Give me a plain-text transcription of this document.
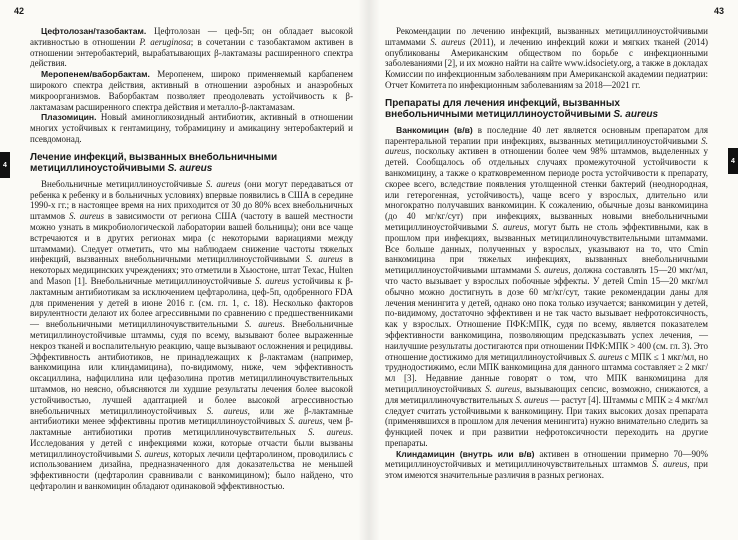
42

Цефтолозан/тазобактам. Цефтолозан — цеф-5п; он обладает высокой активностью в отношении P. aeruginosa; в сочетании с тазобактамом активен в отношении энтеробактерий, вырабатывающих β-лактамазы расширенного спектра действия.

Меропенем/ваборбактам. Меропенем, широко применяемый карбапенем широкого спектра действия, активный в отношении аэробных и анаэробных микроорганизмов. Ваборбактам позволяет преодолевать устойчивость к β-лактамазам расширенного спектра действия и металло-β-лактамазам.

Плазомицин. Новый аминогликозидный антибиотик, активный в отношении многих устойчивых к гентамицину, тобрамицину и амикацину энтеробактерий и псевдомонад.

Лечение инфекций, вызванных внебольничными метициллиноустойчивыми S. aureus

Внебольничные метициллиноустойчивые S. aureus (они могут передаваться от ребенка к ребенку и в больничных условиях) впервые появились в США в середине 1990-х гг.; в настоящее время на них приходится от 30 до 80% всех внебольничных штаммов S. aureus в зависимости от региона США (частоту в вашей местности можно узнать в микробиологической лаборатории вашей больницы); они все чаще встречаются и в других регионах мира (с некоторыми вариациями между штаммами). Следует отметить, что мы наблюдаем снижение частоты тяжелых инфекций, вызванных внебольничными метициллиноустойчивыми S. aureus в некоторых медицинских учреждениях; это отметили в Хьюстоне, штат Техас, Hulten and Mason [1]. Внебольничные метициллиноустойчивые S. aureus устойчивы к β-лактамным антибиотикам за исключением цефтаролина, цеф-5п, одобренного FDA для применения у детей в июне 2016 г. (см. гл. 1, с. 18). Несколько факторов вирулентности делают их более агрессивными по сравнению с предшественниками — внебольничными метициллиночувствительными S. aureus. Внебольничные метициллиноустойчивые штаммы, судя по всему, вызывают более выраженные некроз тканей и воспалительную реакцию, чаще вызывают осложнения и рецидивы. Эффективность антибиотиков, не принадлежащих к β-лактамам (например, ванкомицина или клиндамицина), по-видимому, ниже, чем эффективность оксациллина, нафциллина или цефазолина против метициллиночувствительных штаммов, но неясно, объясняются ли худшие результаты лечения более высокой устойчивостью, лучшей адаптацией и более высокой агрессивностью внебольничных метициллиноустойчивых S. aureus, или же β-лактамные антибиотики менее эффективны против метициллиноустойчивых S. aureus, чем β-лактамные антибиотики против метициллиночувствительных S. aureus. Исследования у детей с инфекциями кожи, которые отчасти были вызваны метициллиноустойчивыми S. aureus, которых лечили цефтаролином, проводились с использованием дизайна, предназначенного для доказательства не меньшей эффективности (цефтаролин сравнивали с ванкомицином); было найдено, что цефтаролин и ванкомицин обладают одинаковой эффективностью.

43

Рекомендации по лечению инфекций, вызванных метициллиноустойчивыми штаммами S. aureus (2011), и лечению инфекций кожи и мягких тканей (2014) опубликованы Американским обществом по борьбе с инфекционными заболеваниями [2], и их можно найти на сайте www.idsociety.org, а также в докладах Комиссии по инфекционным заболеваниям при Американской академии педиатрии: Отчет Комитета по инфекционным заболеваниям за 2018—2021 гг.

Препараты для лечения инфекций, вызванных внебольничными метициллиноустойчивыми S. aureus

Ванкомицин (в/в) в последние 40 лет является основным препаратом для парентеральной терапии при инфекциях, вызванных метициллиноустойчивыми S. aureus, поскольку активен в отношении более чем 98% штаммов, выделенных у детей. Сообщалось об отдельных случаях промежуточной устойчивости к ванкомицину, а также о кратковременном периоде роста устойчивости к препарату, скорее всего, вследствие появления утолщенной стенки бактерий (неоднородная, или гетерогенная, устойчивость), чаще всего у взрослых, длительно или многократно получавших ванкомицин. К сожалению, обычные дозы ванкомицина (до 40 мг/кг/сут) при инфекциях, вызванных новыми внебольничными метициллиноустойчивыми S. aureus, могут быть не столь эффективными, как в прошлом при инфекциях, вызванных метициллиночувствительными штаммами. Все больше данных, полученных у взрослых, указывают на то, что Сmin ванкомицина при тяжелых инфекциях, вызванных внебольничными метициллиноустойчивыми штаммами S. aureus, должна составлять 15—20 мкг/мл, что часто вызывает у взрослых побочные эффекты. У детей Сmin 15—20 мкг/мл обычно можно достигнуть в дозе 60 мг/кг/сут, такие рекомендации даны для лечения менингита у детей, однако оно пока только изучается; ванкомицин у детей, по-видимому, достаточно эффективен и не так часто вызывает нефротоксичность, как у взрослых. Отношение ПФК:МПК, судя по всему, является показателем эффективности ванкомицина, позволяющим предсказывать успех лечения, — наилучшие результаты достигаются при отношении ПФК:МПК > 400 (см. гл. 3). Это отношение достижимо для метициллиноустойчивых S. aureus с МПК ≤ 1 мкг/мл, но труднодостижимо, если МПК ванкомицина для данного штамма составляет ≥ 2 мкг/мл [3]. Недавние данные говорят о том, что МПК ванкомицина для метициллиноустойчивых S. aureus, вызывающих сепсис, возможно, снижаются, а для метициллиночувствительных S. aureus — растут [4]. Штаммы с МПК ≥ 4 мкг/мл следует считать устойчивыми к ванкомицину. При таких высоких дозах препарата (применявшихся в прошлом для лечения менингита) нужно внимательно следить за функцией почек и при развитии нефротоксичности переходить на другие препараты.

Клиндамицин (внутрь или в/в) активен в отношении примерно 70—90% метициллиноустойчивых и метициллиночувствительных штаммов S. aureus, при этом имеются значительные различия в разных регионах.

4
4
